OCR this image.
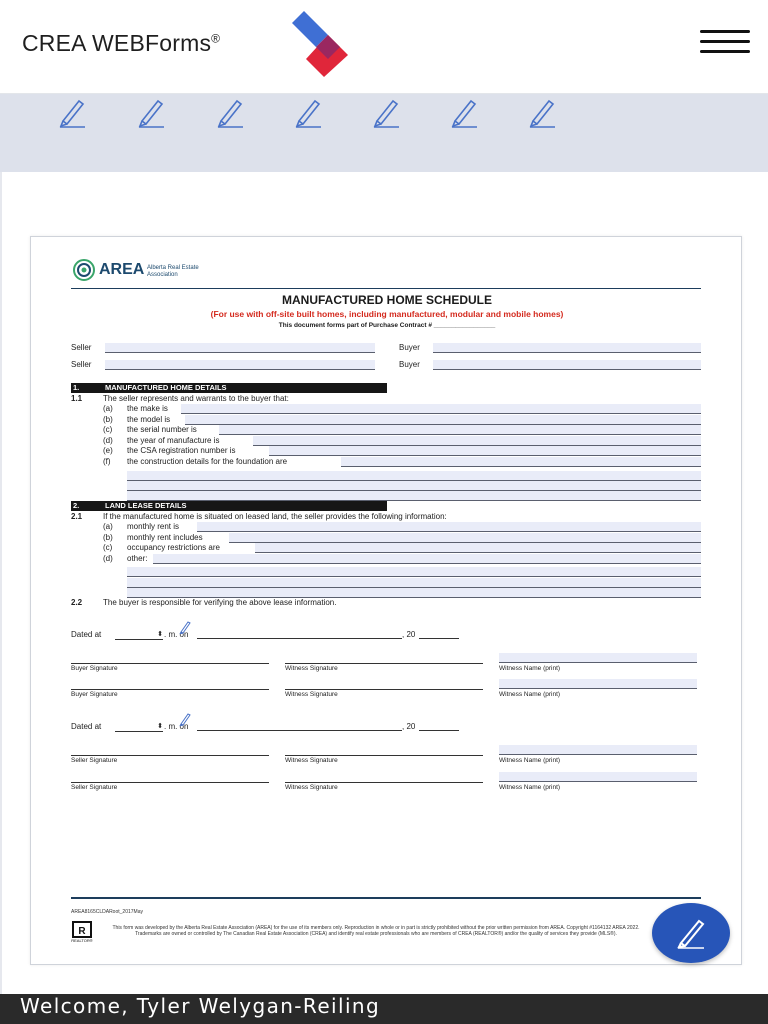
CREA WEBForms®
AREA Alberta Real Estate Association
MANUFACTURED HOME SCHEDULE
(For use with off-site built homes, including manufactured, modular and mobile homes)
This document forms part of Purchase Contract # _________________
Seller	Buyer
Seller	Buyer
1.	MANUFACTURED HOME DETAILS
1.1	The seller represents and warrants to the buyer that:
(a) the make is
(b) the model is
(c) the serial number is
(d) the year of manufacture is
(e) the CSA registration number is
(f) the construction details for the foundation are
2.	LAND LEASE DETAILS
2.1	If the manufactured home is situated on leased land, the seller provides the following information:
(a) monthly rent is
(b) monthly rent includes
(c) occupancy restrictions are
(d) other:
2.2	The buyer is responsible for verifying the above lease information.
Dated at	⬍ . m. on	, 20
Buyer Signature	Witness Signature	Witness Name (print)
Buyer Signature	Witness Signature	Witness Name (print)
Dated at	⬍ . m. on	, 20
Seller Signature	Witness Signature	Witness Name (print)
Seller Signature	Witness Signature	Witness Name (print)
AREA8165CLDARoot_2017May
R
REALTOR®
This form was developed by the Alberta Real Estate Association (AREA) for the use of its members only. Reproduction in whole or in part is strictly prohibited without the prior written permission from AREA. Copyright #1164132 AREA 2022. Trademarks are owned or controlled by The Canadian Real Estate Association (CREA) and identify real estate professionals who are members of CREA (REALTOR®) and/or the quality of services they provide (MLS®).
Welcome, Tyler Welygan-Reiling
